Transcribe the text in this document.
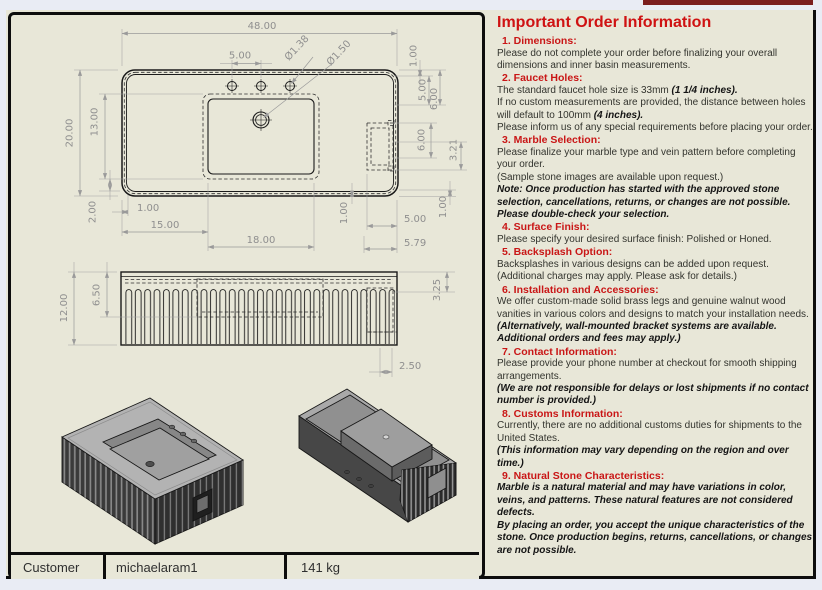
48.00
5.00	Ø1.38 Ø1.50	1.00
5.00 6.00
6.00 3.21
1.00
20.00 13.00
2.00	1.00
15.00
18.00
1.00	5.00
5.79
12.00 6.50	3.25
2.50
Important Order Information
1. Dimensions:
Please do not complete your order before finalizing your overall dimensions and inner basin measurements.
2. Faucet Holes:
The standard faucet hole size is 33mm (1 1/4 inches).
If no custom measurements are provided, the distance between holes will default to 100mm (4 inches).
Please inform us of any special requirements before placing your order.
3. Marble Selection:
Please finalize your marble type and vein pattern before completing your order.
(Sample stone images are available upon request.)
Note: Once production has started with the approved stone selection, cancellations, returns, or changes are not possible. Please double-check your selection.
4. Surface Finish:
Please specify your desired surface finish: Polished or Honed.
5. Backsplash Option:
Backsplashes in various designs can be added upon request. (Additional charges may apply. Please ask for details.)
6. Installation and Accessories:
We offer custom-made solid brass legs and genuine walnut wood vanities in various colors and designs to match your installation needs.
(Alternatively, wall-mounted bracket systems are available. Additional orders and fees may apply.)
7. Contact Information:
Please provide your phone number at checkout for smooth shipping arrangements.
(We are not responsible for delays or lost shipments if no contact number is provided.)
8. Customs Information:
Currently, there are no additional customs duties for shipments to the United States.
(This information may vary depending on the region and over time.)
9. Natural Stone Characteristics:
Marble is a natural material and may have variations in color, veins, and patterns. These natural features are not considered defects.
By placing an order, you accept the unique characteristics of the stone. Once production begins, returns, cancellations, or changes are not possible.
Customer	michaelaram1	141 kg
